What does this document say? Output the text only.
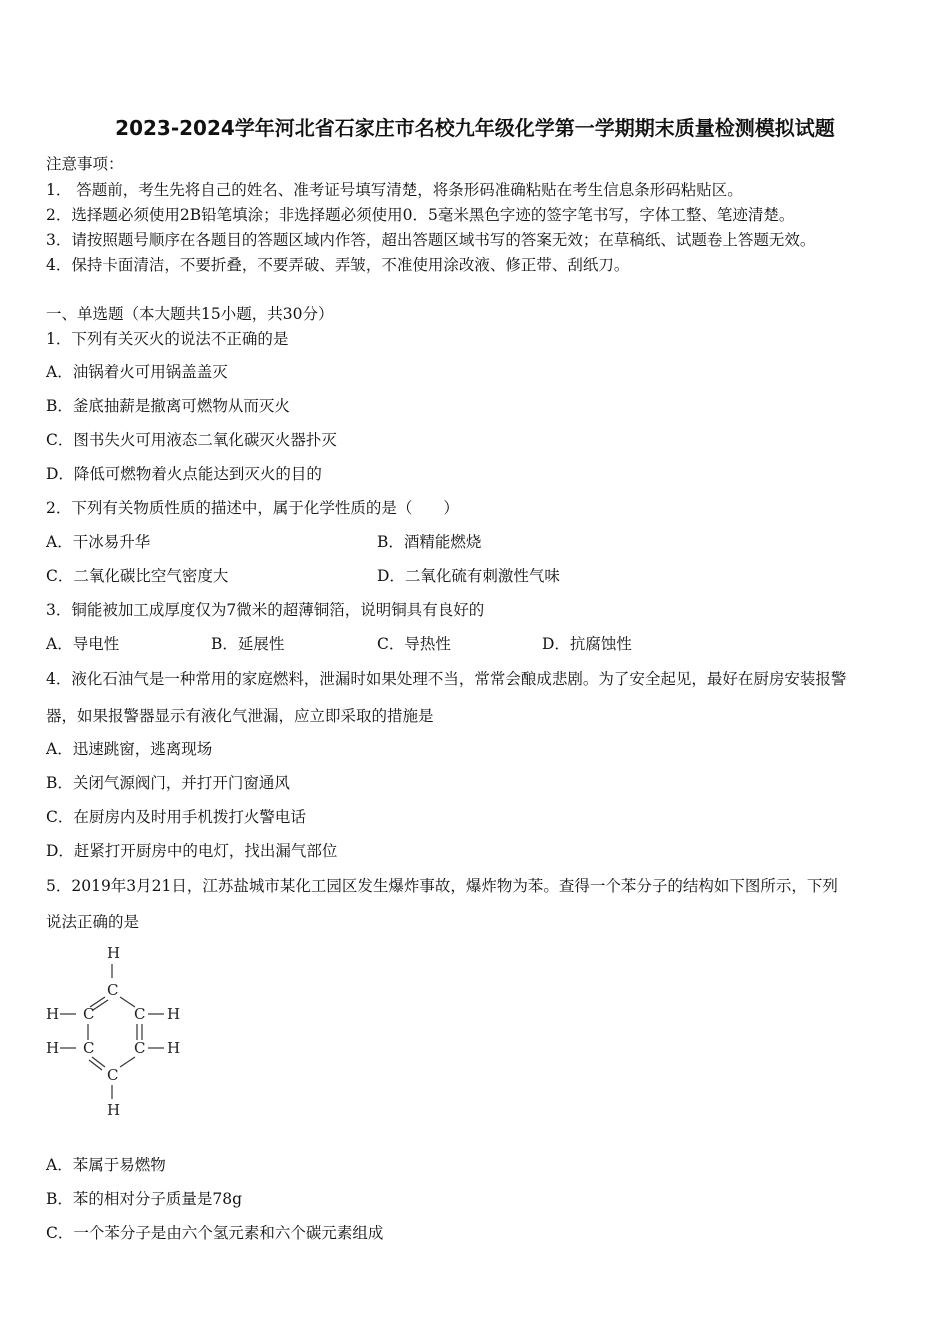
2023-2024学年河北省石家庄市名校九年级化学第一学期期末质量检测模拟试题
注意事项：
1． 答题前，考生先将自己的姓名、准考证号填写清楚，将条形码准确粘贴在考生信息条形码粘贴区。
2．选择题必须使用2B铅笔填涂；非选择题必须使用0．5毫米黑色字迹的签字笔书写，字体工整、笔迹清楚。
3．请按照题号顺序在各题目的答题区域内作答，超出答题区域书写的答案无效；在草稿纸、试题卷上答题无效。
4．保持卡面清洁，不要折叠，不要弄破、弄皱，不准使用涂改液、修正带、刮纸刀。
一、单选题（本大题共15小题，共30分）
1．下列有关灭火的说法不正确的是
A．油锅着火可用锅盖盖灭
B．釜底抽薪是撤离可燃物从而灭火
C．图书失火可用液态二氧化碳灭火器扑灭
D．降低可燃物着火点能达到灭火的目的
2．下列有关物质性质的描述中，属于化学性质的是（　　）
A．干冰易升华	B．酒精能燃烧
C．二氧化碳比空气密度大	D．二氧化硫有刺激性气味
3．铜能被加工成厚度仅为7微米的超薄铜箔，说明铜具有良好的
A．导电性	B．延展性	C．导热性	D．抗腐蚀性
4．液化石油气是一种常用的家庭燃料，泄漏时如果处理不当，常常会酿成悲剧。为了安全起见，最好在厨房安装报警
器，如果报警器显示有液化气泄漏，应立即采取的措施是
A．迅速跳窗，逃离现场
B．关闭气源阀门，并打开门窗通风
C．在厨房内及时用手机拨打火警电话
D．赶紧打开厨房中的电灯，找出漏气部位
5．2019年3月21日，江苏盐城市某化工园区发生爆炸事故，爆炸物为苯。查得一个苯分子的结构如下图所示，下列
说法正确的是
H
C
H C	C H
H C	C H
C
H
A．苯属于易燃物
B．苯的相对分子质量是78g
C．一个苯分子是由六个氢元素和六个碳元素组成
